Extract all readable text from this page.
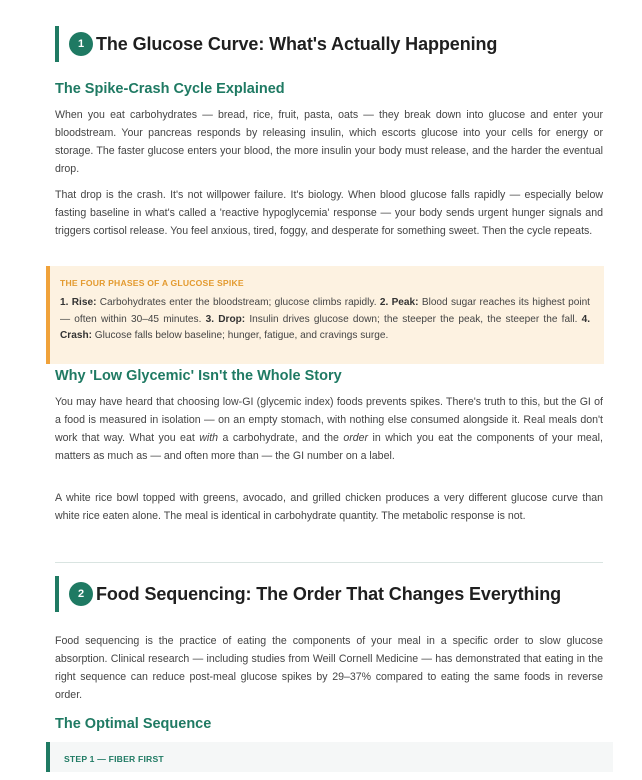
1 The Glucose Curve: What's Actually Happening
The Spike-Crash Cycle Explained

When you eat carbohydrates — bread, rice, fruit, pasta, oats — they break down into glucose and enter your bloodstream. Your pancreas responds by releasing insulin, which escorts glucose into your cells for energy or storage. The faster glucose enters your blood, the more insulin your body must release, and the harder the eventual drop.

That drop is the crash. It's not willpower failure. It's biology. When blood glucose falls rapidly — especially below fasting baseline in what's called a 'reactive hypoglycemia' response — your body sends urgent hunger signals and triggers cortisol release. You feel anxious, tired, foggy, and desperate for something sweet. Then the cycle repeats.

THE FOUR PHASES OF A GLUCOSE SPIKE
1. Rise: Carbohydrates enter the bloodstream; glucose climbs rapidly. 2. Peak: Blood sugar reaches its highest point — often within 30–45 minutes. 3. Drop: Insulin drives glucose down; the steeper the peak, the steeper the fall. 4. Crash: Glucose falls below baseline; hunger, fatigue, and cravings surge.
Why 'Low Glycemic' Isn't the Whole Story

You may have heard that choosing low-GI (glycemic index) foods prevents spikes. There's truth to this, but the GI of a food is measured in isolation — on an empty stomach, with nothing else consumed alongside it. Real meals don't work that way. What you eat with a carbohydrate, and the order in which you eat the components of your meal, matters as much as — and often more than — the GI number on a label.

A white rice bowl topped with greens, avocado, and grilled chicken produces a very different glucose curve than white rice eaten alone. The meal is identical in carbohydrate quantity. The metabolic response is not.

2 Food Sequencing: The Order That Changes Everything

Food sequencing is the practice of eating the components of your meal in a specific order to slow glucose absorption. Clinical research — including studies from Weill Cornell Medicine — has demonstrated that eating in the right sequence can reduce post-meal glucose spikes by 29–37% compared to eating the same foods in reverse order.

The Optimal Sequence
STEP 1 — FIBER FIRST
